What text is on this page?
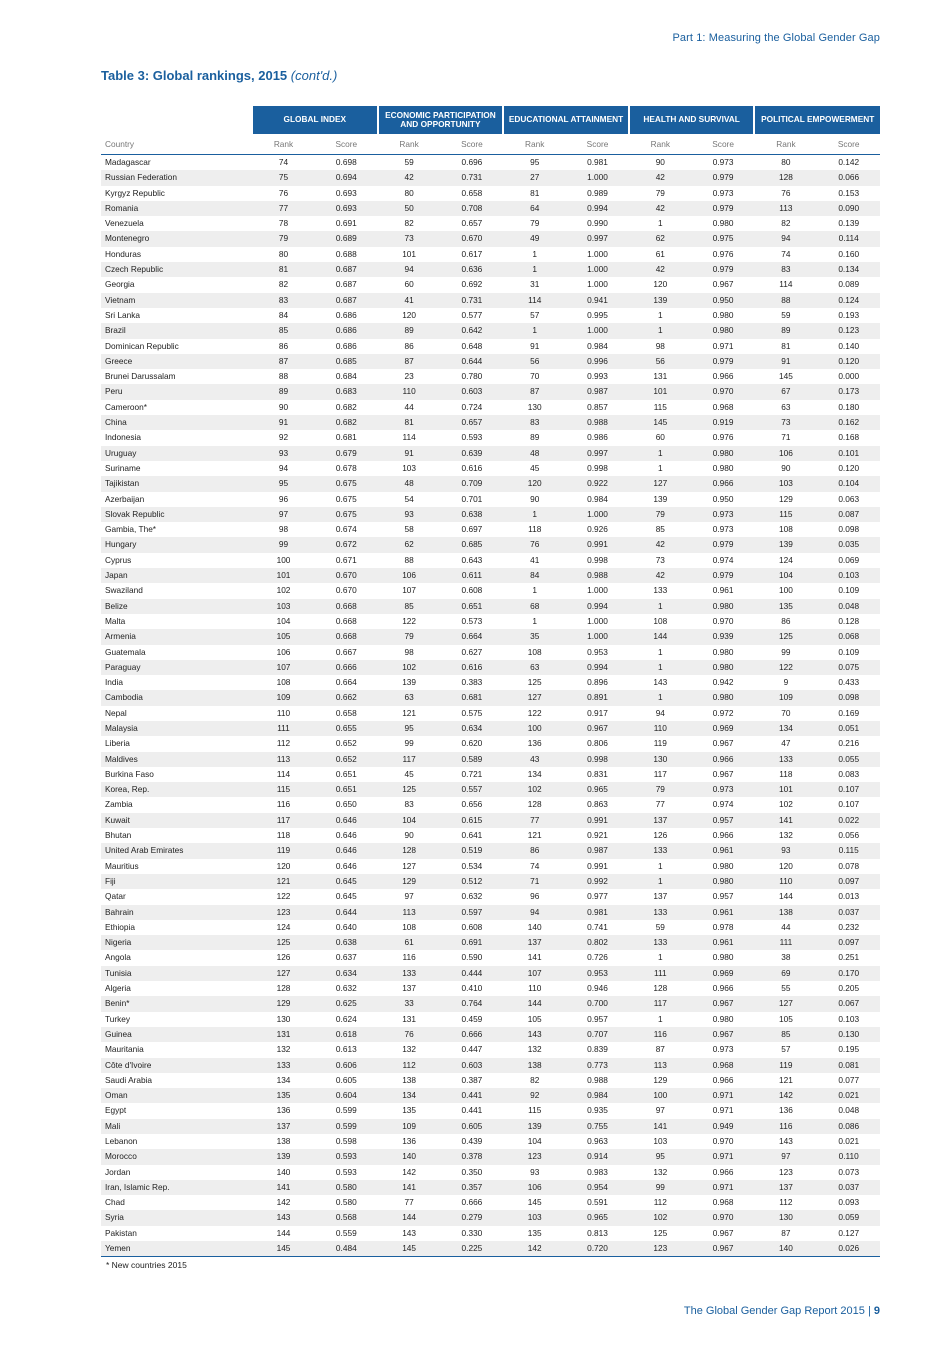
Part 1: Measuring the Global Gender Gap
Table 3: Global rankings, 2015 (cont'd.)
	GLOBAL INDEX		ECONOMIC PARTICIPATION AND OPPORTUNITY		EDUCATIONAL ATTAINMENT		HEALTH AND SURVIVAL		POLITICAL EMPOWERMENT	
Country	Rank	Score	Rank	Score	Rank	Score	Rank	Score	Rank	Score
Madagascar	74	0.698	59	0.696	95	0.981	90	0.973	80	0.142
Russian Federation	75	0.694	42	0.731	27	1.000	42	0.979	128	0.066
Kyrgyz Republic	76	0.693	80	0.658	81	0.989	79	0.973	76	0.153
Romania	77	0.693	50	0.708	64	0.994	42	0.979	113	0.090
Venezuela	78	0.691	82	0.657	79	0.990	1	0.980	82	0.139
Montenegro	79	0.689	73	0.670	49	0.997	62	0.975	94	0.114
Honduras	80	0.688	101	0.617	1	1.000	61	0.976	74	0.160
Czech Republic	81	0.687	94	0.636	1	1.000	42	0.979	83	0.134
Georgia	82	0.687	60	0.692	31	1.000	120	0.967	114	0.089
Vietnam	83	0.687	41	0.731	114	0.941	139	0.950	88	0.124
Sri Lanka	84	0.686	120	0.577	57	0.995	1	0.980	59	0.193
Brazil	85	0.686	89	0.642	1	1.000	1	0.980	89	0.123
Dominican Republic	86	0.686	86	0.648	91	0.984	98	0.971	81	0.140
Greece	87	0.685	87	0.644	56	0.996	56	0.979	91	0.120
Brunei Darussalam	88	0.684	23	0.780	70	0.993	131	0.966	145	0.000
Peru	89	0.683	110	0.603	87	0.987	101	0.970	67	0.173
Cameroon*	90	0.682	44	0.724	130	0.857	115	0.968	63	0.180
China	91	0.682	81	0.657	83	0.988	145	0.919	73	0.162
Indonesia	92	0.681	114	0.593	89	0.986	60	0.976	71	0.168
Uruguay	93	0.679	91	0.639	48	0.997	1	0.980	106	0.101
Suriname	94	0.678	103	0.616	45	0.998	1	0.980	90	0.120
Tajikistan	95	0.675	48	0.709	120	0.922	127	0.966	103	0.104
Azerbaijan	96	0.675	54	0.701	90	0.984	139	0.950	129	0.063
Slovak Republic	97	0.675	93	0.638	1	1.000	79	0.973	115	0.087
Gambia, The*	98	0.674	58	0.697	118	0.926	85	0.973	108	0.098
Hungary	99	0.672	62	0.685	76	0.991	42	0.979	139	0.035
Cyprus	100	0.671	88	0.643	41	0.998	73	0.974	124	0.069
Japan	101	0.670	106	0.611	84	0.988	42	0.979	104	0.103
Swaziland	102	0.670	107	0.608	1	1.000	133	0.961	100	0.109
Belize	103	0.668	85	0.651	68	0.994	1	0.980	135	0.048
Malta	104	0.668	122	0.573	1	1.000	108	0.970	86	0.128
Armenia	105	0.668	79	0.664	35	1.000	144	0.939	125	0.068
Guatemala	106	0.667	98	0.627	108	0.953	1	0.980	99	0.109
Paraguay	107	0.666	102	0.616	63	0.994	1	0.980	122	0.075
India	108	0.664	139	0.383	125	0.896	143	0.942	9	0.433
Cambodia	109	0.662	63	0.681	127	0.891	1	0.980	109	0.098
Nepal	110	0.658	121	0.575	122	0.917	94	0.972	70	0.169
Malaysia	111	0.655	95	0.634	100	0.967	110	0.969	134	0.051
Liberia	112	0.652	99	0.620	136	0.806	119	0.967	47	0.216
Maldives	113	0.652	117	0.589	43	0.998	130	0.966	133	0.055
Burkina Faso	114	0.651	45	0.721	134	0.831	117	0.967	118	0.083
Korea, Rep.	115	0.651	125	0.557	102	0.965	79	0.973	101	0.107
Zambia	116	0.650	83	0.656	128	0.863	77	0.974	102	0.107
Kuwait	117	0.646	104	0.615	77	0.991	137	0.957	141	0.022
Bhutan	118	0.646	90	0.641	121	0.921	126	0.966	132	0.056
United Arab Emirates	119	0.646	128	0.519	86	0.987	133	0.961	93	0.115
Mauritius	120	0.646	127	0.534	74	0.991	1	0.980	120	0.078
Fiji	121	0.645	129	0.512	71	0.992	1	0.980	110	0.097
Qatar	122	0.645	97	0.632	96	0.977	137	0.957	144	0.013
Bahrain	123	0.644	113	0.597	94	0.981	133	0.961	138	0.037
Ethiopia	124	0.640	108	0.608	140	0.741	59	0.978	44	0.232
Nigeria	125	0.638	61	0.691	137	0.802	133	0.961	111	0.097
Angola	126	0.637	116	0.590	141	0.726	1	0.980	38	0.251
Tunisia	127	0.634	133	0.444	107	0.953	111	0.969	69	0.170
Algeria	128	0.632	137	0.410	110	0.946	128	0.966	55	0.205
Benin*	129	0.625	33	0.764	144	0.700	117	0.967	127	0.067
Turkey	130	0.624	131	0.459	105	0.957	1	0.980	105	0.103
Guinea	131	0.618	76	0.666	143	0.707	116	0.967	85	0.130
Mauritania	132	0.613	132	0.447	132	0.839	87	0.973	57	0.195
Côte d'Ivoire	133	0.606	112	0.603	138	0.773	113	0.968	119	0.081
Saudi Arabia	134	0.605	138	0.387	82	0.988	129	0.966	121	0.077
Oman	135	0.604	134	0.441	92	0.984	100	0.971	142	0.021
Egypt	136	0.599	135	0.441	115	0.935	97	0.971	136	0.048
Mali	137	0.599	109	0.605	139	0.755	141	0.949	116	0.086
Lebanon	138	0.598	136	0.439	104	0.963	103	0.970	143	0.021
Morocco	139	0.593	140	0.378	123	0.914	95	0.971	97	0.110
Jordan	140	0.593	142	0.350	93	0.983	132	0.966	123	0.073
Iran, Islamic Rep.	141	0.580	141	0.357	106	0.954	99	0.971	137	0.037
Chad	142	0.580	77	0.666	145	0.591	112	0.968	112	0.093
Syria	143	0.568	144	0.279	103	0.965	102	0.970	130	0.059
Pakistan	144	0.559	143	0.330	135	0.813	125	0.967	87	0.127
Yemen	145	0.484	145	0.225	142	0.720	123	0.967	140	0.026
* New countries 2015
The Global Gender Gap Report 2015 | 9
